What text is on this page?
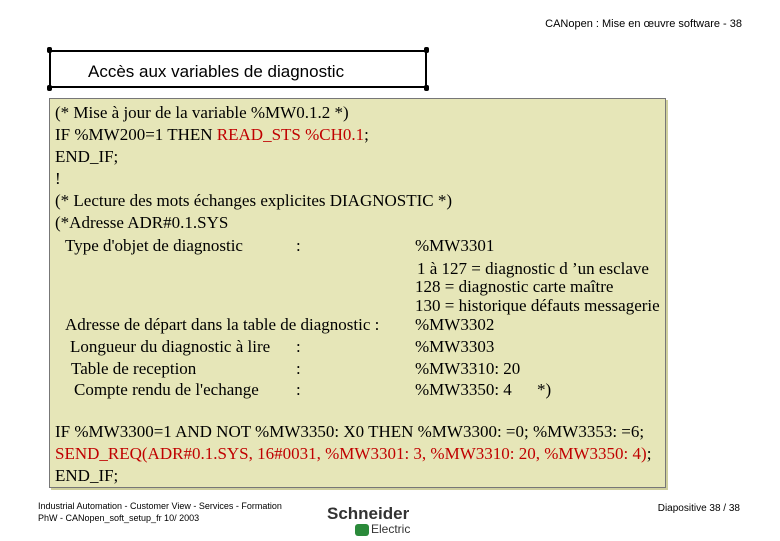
CANopen : Mise en œuvre software - 38
Accès aux variables de diagnostic
(* Mise à jour de la variable %MW0.1.2 *)
IF %MW200=1 THEN READ_STS %CH0.1;
END_IF;
!
(* Lecture des mots échanges explicites DIAGNOSTIC *)
(*Adresse ADR#0.1.SYS
Type d'objet de diagnostic	:	%MW3301
1 à 127 = diagnostic d ’un esclave
128 = diagnostic carte maître
130 = historique défauts messagerie
Adresse de départ dans la table de diagnostic : %MW3302
Longueur du diagnostic à lire :	%MW3303
Table de reception	:	%MW3310: 20
Compte rendu de l'echange :	%MW3350: 4 *)
IF %MW3300=1 AND NOT %MW3350: X0 THEN %MW3300: =0; %MW3353: =6;
SEND_REQ(ADR#0.1.SYS, 16#0031, %MW3301: 3, %MW3310: 20, %MW3350: 4);
END_IF;
Industrial Automation - Customer View - Services - Formation
PhW - CANopen_soft_setup_fr 10/ 2003	Schneider
Electric
Diapositive 38 / 38
